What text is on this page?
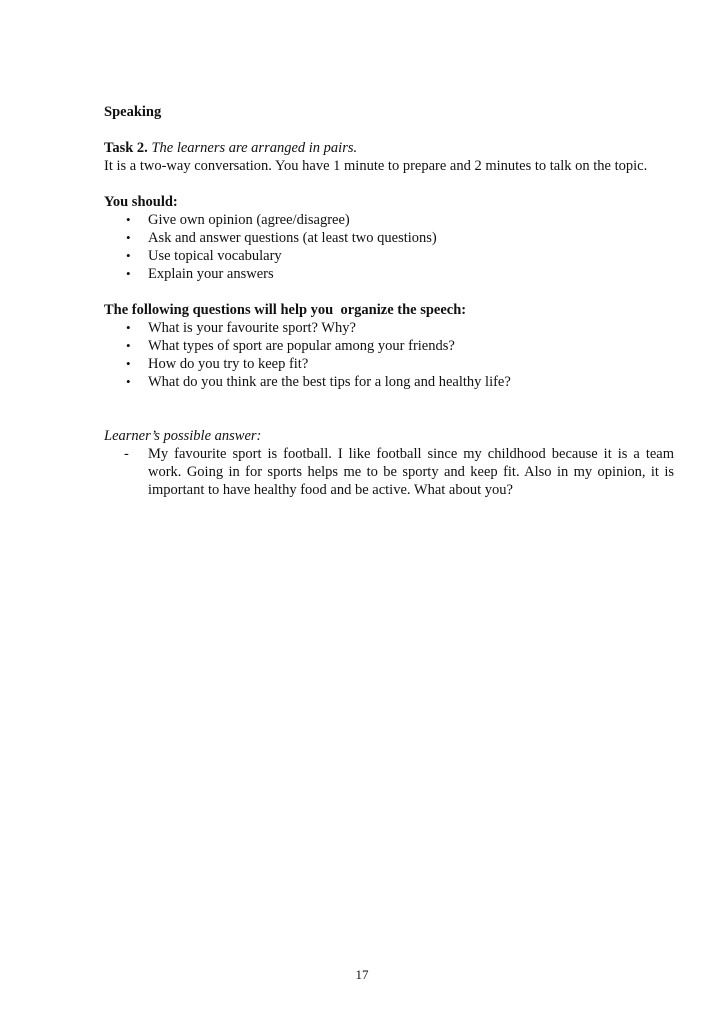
Speaking
Task 2. The learners are arranged in pairs.
It is a two-way conversation. You have 1 minute to prepare and 2 minutes to talk on the topic.
You should:
• Give own opinion (agree/disagree)
• Ask and answer questions (at least two questions)
• Use topical vocabulary
• Explain your answers
The following questions will help you  organize the speech:
• What is your favourite sport? Why?
• What types of sport are popular among your friends?
• How do you try to keep fit?
• What do you think are the best tips for a long and healthy life?
Learner’s possible answer:
- My favourite sport is football. I like football since my childhood because it is a team work. Going in for sports helps me to be sporty and keep fit. Also in my opinion, it is important to have healthy food and be active. What about you?
17
